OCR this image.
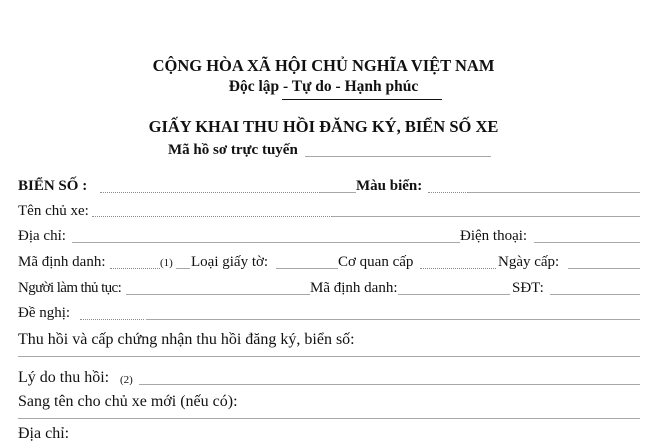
CỘNG HÒA XÃ HỘI CHỦ NGHĨA VIỆT NAM
Độc lập - Tự do - Hạnh phúc
GIẤY KHAI THU HỒI ĐĂNG KÝ, BIỂN SỐ XE
Mã hồ sơ trực tuyến
BIỂN SỐ :	Màu biển:
Tên chủ xe:
Địa chỉ:	Điện thoại:
Mã định danh:	(1) Loại giấy tờ:	Cơ quan cấp	Ngày cấp:
Người làm thủ tục:	Mã định danh:	SĐT:
Đề nghị:
Thu hồi và cấp chứng nhận thu hồi đăng ký, biển số:
Lý do thu hồi: (2)
Sang tên cho chủ xe mới (nếu có):
Địa chỉ:
